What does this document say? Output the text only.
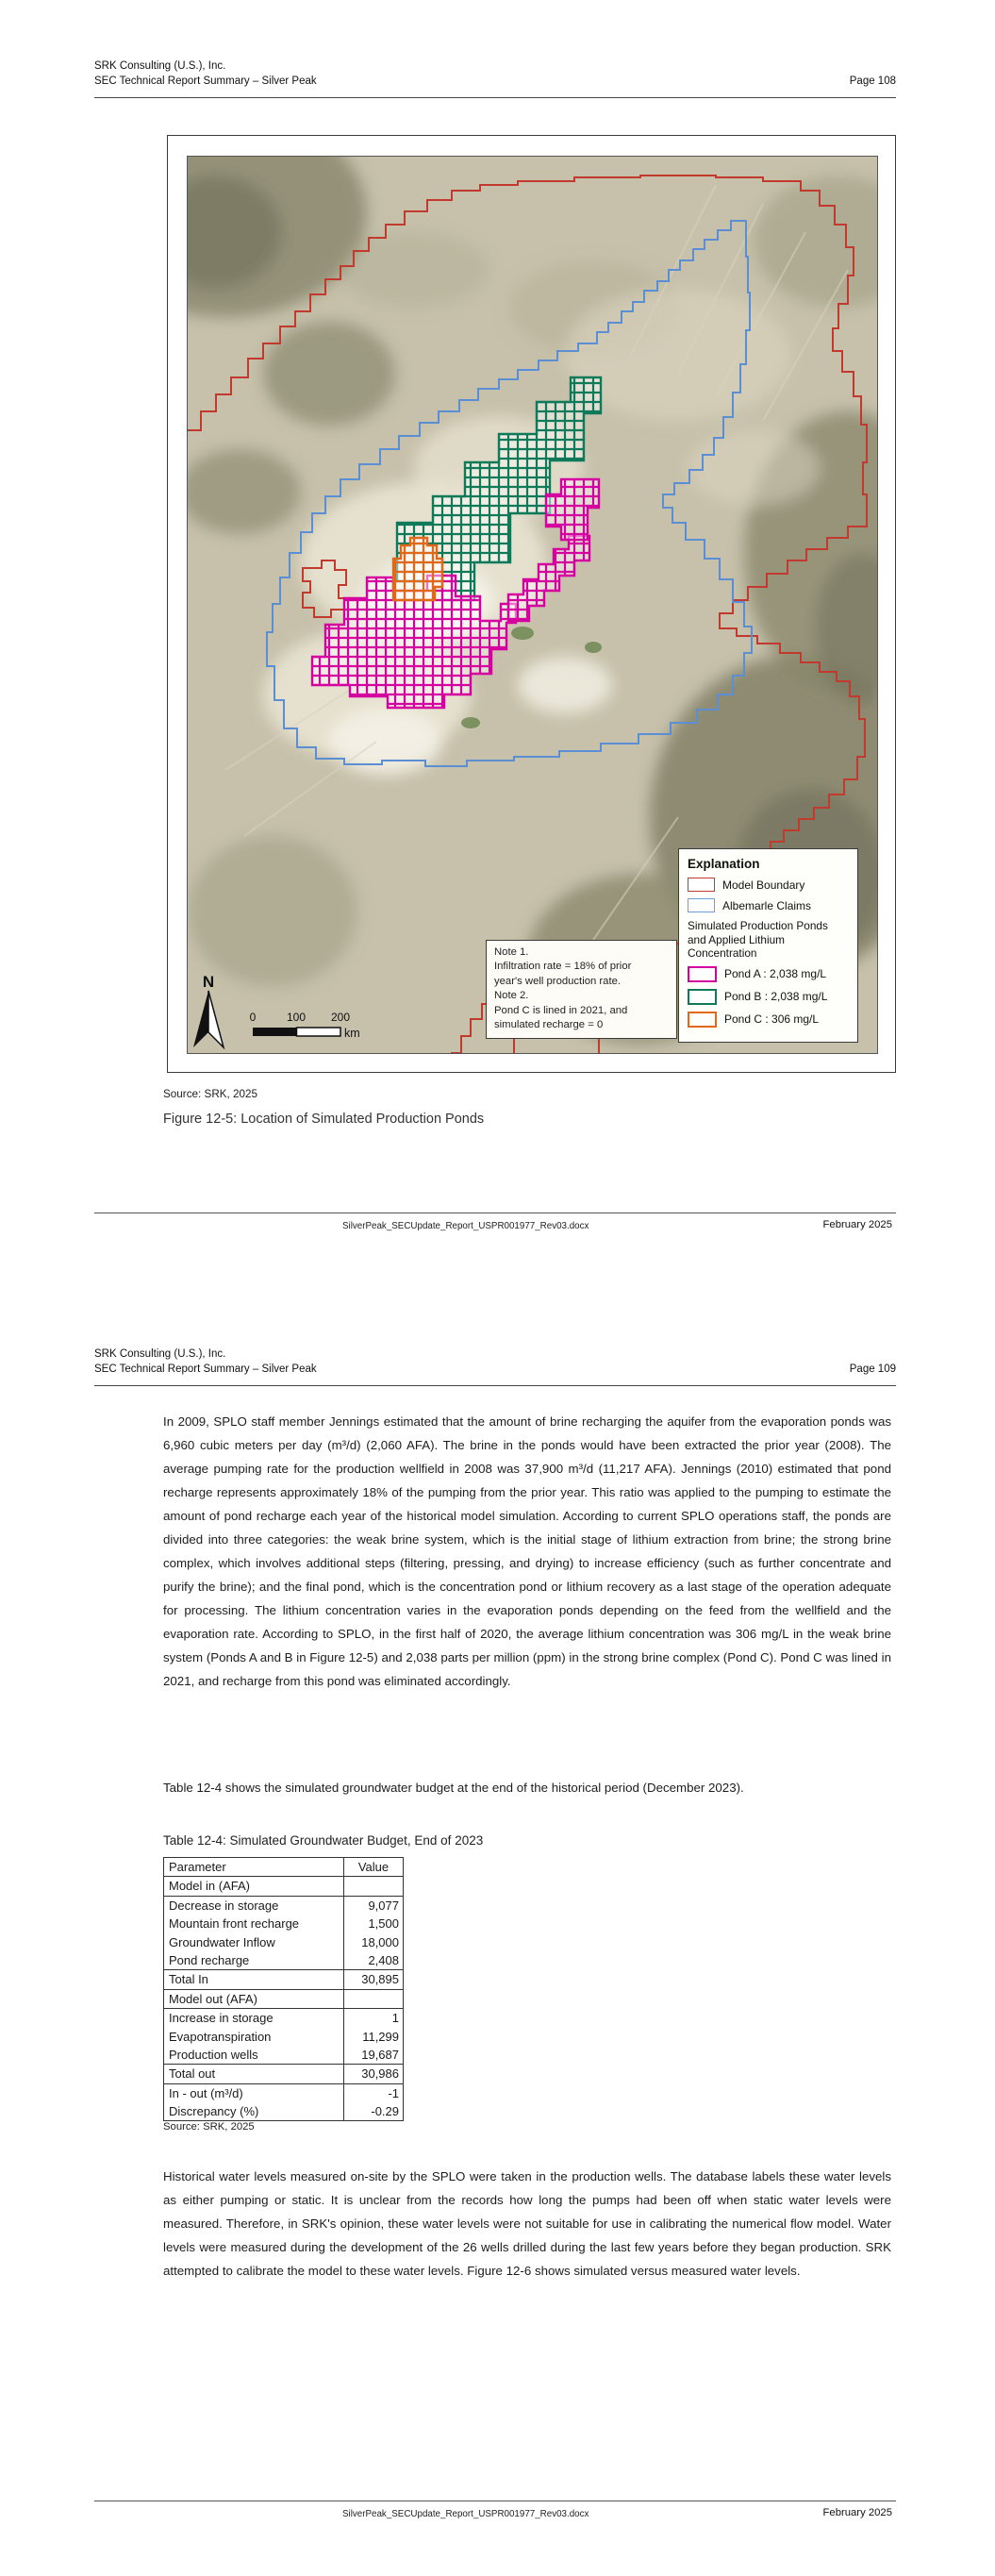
SRK Consulting (U.S.), Inc.
SEC Technical Report Summary – Silver Peak	Page 108
N
0	100 200
km
Note 1.
Infiltration rate = 18% of prior
year's well production rate.
Note 2.
Pond C is lined in 2021, and
simulated recharge = 0
Explanation
Model Boundary
Albemarle Claims
Simulated Production Ponds and Applied Lithium Concentration
Pond A : 2,038 mg/L
Pond B : 2,038 mg/L
Pond C : 306 mg/L
Source: SRK, 2025
Figure 12-5: Location of Simulated Production Ponds
SilverPeak_SECUpdate_Report_USPR001977_Rev03.docx	February 2025
SRK Consulting (U.S.), Inc.
SEC Technical Report Summary – Silver Peak	Page 109
In 2009, SPLO staff member Jennings estimated that the amount of brine recharging the aquifer from the evaporation ponds was 6,960 cubic meters per day (m³/d) (2,060 AFA). The brine in the ponds would have been extracted the prior year (2008). The average pumping rate for the production wellfield in 2008 was 37,900 m³/d (11,217 AFA). Jennings (2010) estimated that pond recharge represents approximately 18% of the pumping from the prior year. This ratio was applied to the pumping to estimate the amount of pond recharge each year of the historical model simulation. According to current SPLO operations staff, the ponds are divided into three categories: the weak brine system, which is the initial stage of lithium extraction from brine; the strong brine complex, which involves additional steps (filtering, pressing, and drying) to increase efficiency (such as further concentrate and purify the brine); and the final pond, which is the concentration pond or lithium recovery as a last stage of the operation adequate for processing. The lithium concentration varies in the evaporation ponds depending on the feed from the wellfield and the evaporation rate. According to SPLO, in the first half of 2020, the average lithium concentration was 306 mg/L in the weak brine system (Ponds A and B in Figure 12-5) and 2,038 parts per million (ppm) in the strong brine complex (Pond C). Pond C was lined in 2021, and recharge from this pond was eliminated accordingly.
Table 12-4 shows the simulated groundwater budget at the end of the historical period (December 2023).
Table 12-4: Simulated Groundwater Budget, End of 2023
Parameter	Value
Model in (AFA)
Decrease in storage	9,077
Mountain front recharge	1,500
Groundwater Inflow	18,000
Pond recharge	2,408
Total In	30,895
Model out (AFA)
Increase in storage	1
Evapotranspiration	11,299
Production wells	19,687
Total out	30,986
In - out (m³/d)	-1
Discrepancy (%)	-0.29
Source: SRK, 2025
Historical water levels measured on-site by the SPLO were taken in the production wells. The database labels these water levels as either pumping or static. It is unclear from the records how long the pumps had been off when static water levels were measured. Therefore, in SRK's opinion, these water levels were not suitable for use in calibrating the numerical flow model. Water levels were measured during the development of the 26 wells drilled during the last few years before they began production. SRK attempted to calibrate the model to these water levels. Figure 12-6 shows simulated versus measured water levels.
SilverPeak_SECUpdate_Report_USPR001977_Rev03.docx	February 2025
